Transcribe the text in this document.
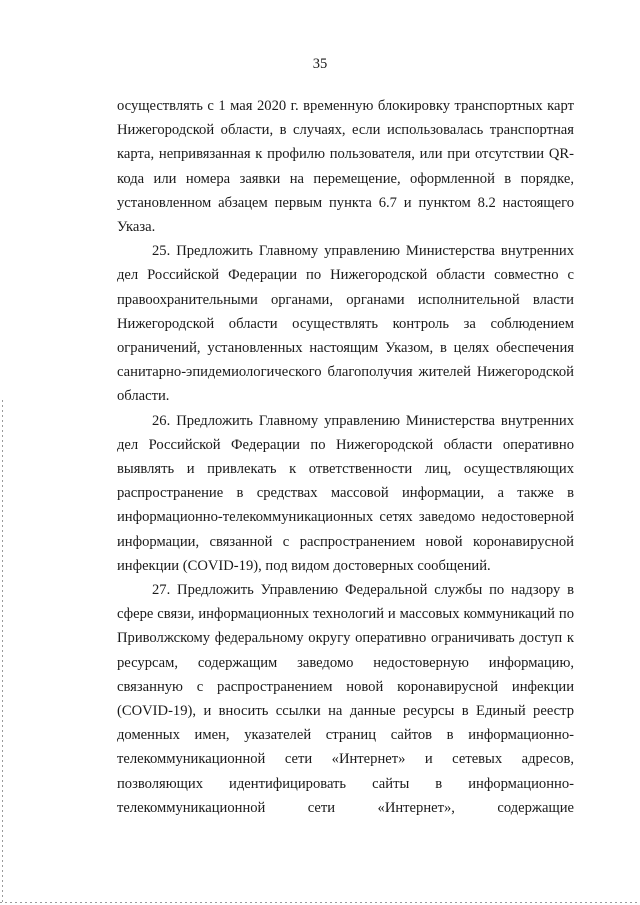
35

осуществлять с 1 мая 2020 г. временную блокировку транспортных карт Нижегородской области, в случаях, если использовалась транспортная карта, непривязанная к профилю пользователя, или при отсутствии QR-кода или номера заявки на перемещение, оформленной в порядке, установленном абзацем первым пункта 6.7 и пунктом 8.2 настоящего Указа.

25. Предложить Главному управлению Министерства внутренних дел Российской Федерации по Нижегородской области совместно с правоохранительными органами, органами исполнительной власти Нижегородской области осуществлять контроль за соблюдением ограничений, установленных настоящим Указом, в целях обеспечения санитарно-эпидемиологического благополучия жителей Нижегородской области.

26. Предложить Главному управлению Министерства внутренних дел Российской Федерации по Нижегородской области оперативно выявлять и привлекать к ответственности лиц, осуществляющих распространение в средствах массовой информации, а также в информационно-телекоммуникационных сетях заведомо недостоверной информации, связанной с распространением новой коронавирусной инфекции (COVID-19), под видом достоверных сообщений.

27. Предложить Управлению Федеральной службы по надзору в сфере связи, информационных технологий и массовых коммуникаций по Приволжскому федеральному округу оперативно ограничивать доступ к ресурсам, содержащим заведомо недостоверную информацию, связанную с распространением новой коронавирусной инфекции (COVID-19), и вносить ссылки на данные ресурсы в Единый реестр доменных имен, указателей страниц сайтов в информационно-телекоммуникационной сети «Интернет» и сетевых адресов, позволяющих идентифицировать сайты в информационно-телекоммуникационной сети «Интернет», содержащие
